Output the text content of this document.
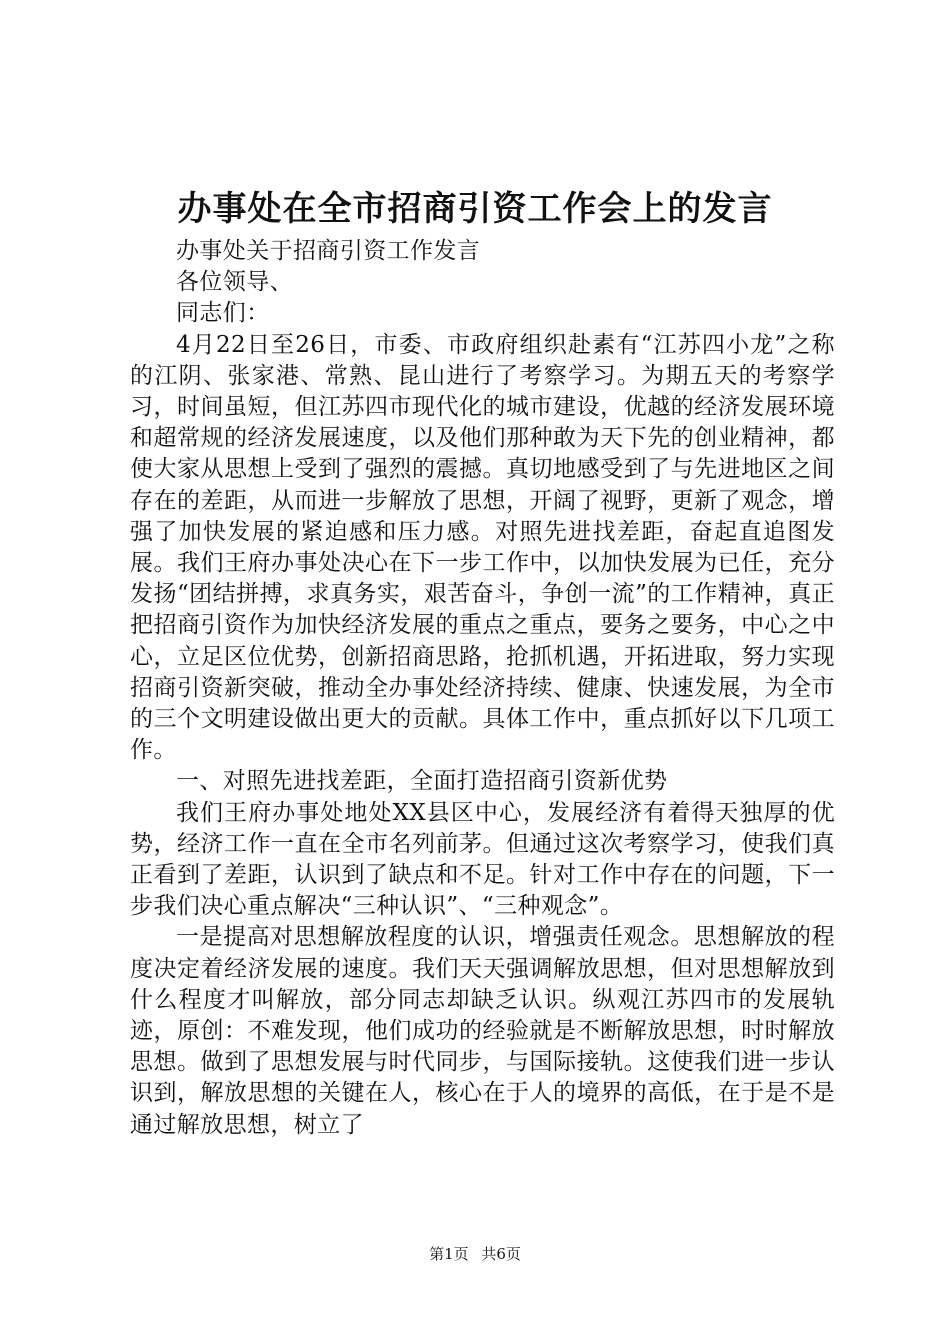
办事处在全市招商引资工作会上的发言

办事处关于招商引资工作发言

各位领导、

同志们：

4月22日至26日，市委、市政府组织赴素有“江苏四小龙”之称的江阴、张家港、常熟、昆山进行了考察学习。为期五天的考察学习，时间虽短，但江苏四市现代化的城市建设，优越的经济发展环境和超常规的经济发展速度，以及他们那种敢为天下先的创业精神，都使大家从思想上受到了强烈的震撼。真切地感受到了与先进地区之间存在的差距，从而进一步解放了思想，开阔了视野，更新了观念，增强了加快发展的紧迫感和压力感。对照先进找差距，奋起直追图发展。我们王府办事处决心在下一步工作中，以加快发展为已任，充分发扬“团结拼搏，求真务实，艰苦奋斗，争创一流”的工作精神，真正把招商引资作为加快经济发展的重点之重点，要务之要务，中心之中心，立足区位优势，创新招商思路，抢抓机遇，开拓进取，努力实现招商引资新突破，推动全办事处经济持续、健康、快速发展，为全市的三个文明建设做出更大的贡献。具体工作中，重点抓好以下几项工作。

一、对照先进找差距，全面打造招商引资新优势

我们王府办事处地处XX县区中心，发展经济有着得天独厚的优势，经济工作一直在全市名列前茅。但通过这次考察学习，使我们真正看到了差距，认识到了缺点和不足。针对工作中存在的问题，下一步我们决心重点解决“三种认识”、“三种观念”。

一是提高对思想解放程度的认识，增强责任观念。思想解放的程度决定着经济发展的速度。我们天天强调解放思想，但对思想解放到什么程度才叫解放，部分同志却缺乏认识。纵观江苏四市的发展轨迹，原创：不难发现，他们成功的经验就是不断解放思想，时时解放思想。做到了思想发展与时代同步，与国际接轨。这使我们进一步认识到，解放思想的关键在人，核心在于人的境界的高低，在于是不是通过解放思想，树立了

第1页 共6页
